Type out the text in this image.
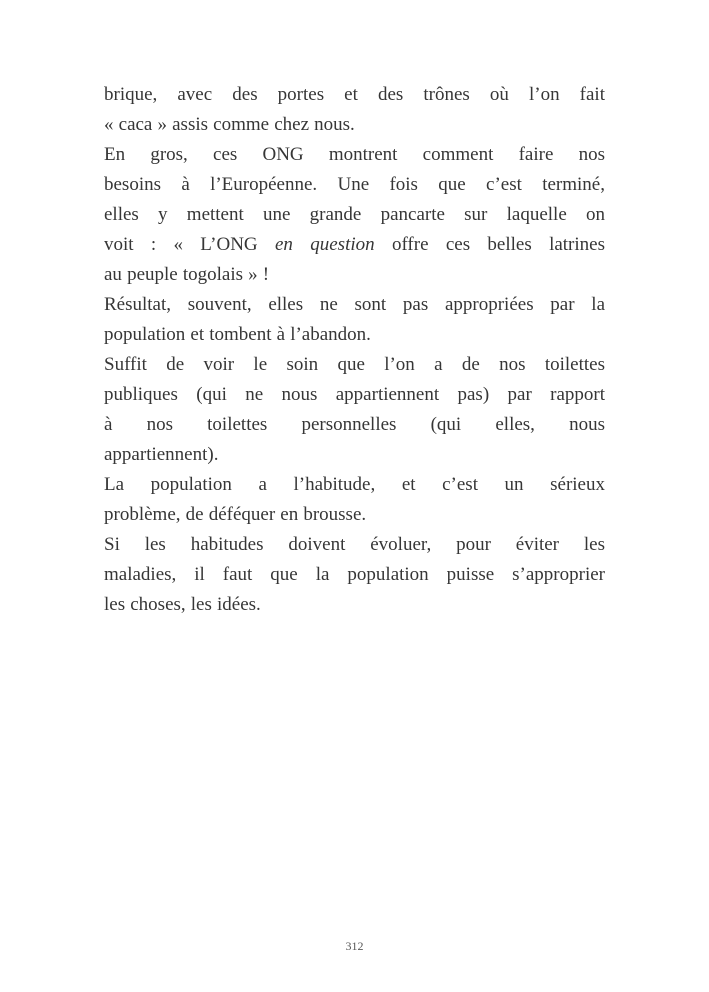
brique, avec des portes et des trônes où l’on fait
« caca » assis comme chez nous.
En gros, ces ONG montrent comment faire nos
besoins à l’Européenne. Une fois que c’est terminé,
elles y mettent une grande pancarte sur laquelle on
voit : « L’ONG en question offre ces belles latrines
au peuple togolais » !
Résultat, souvent, elles ne sont pas appropriées par la
population et tombent à l’abandon.
Suffit de voir le soin que l’on a de nos toilettes
publiques (qui ne nous appartiennent pas) par rapport
à nos toilettes personnelles (qui elles, nous
appartiennent).
La population a l’habitude, et c’est un sérieux
problème, de déféquer en brousse.
Si les habitudes doivent évoluer, pour éviter les
maladies, il faut que la population puisse s’approprier
les choses, les idées.
312
